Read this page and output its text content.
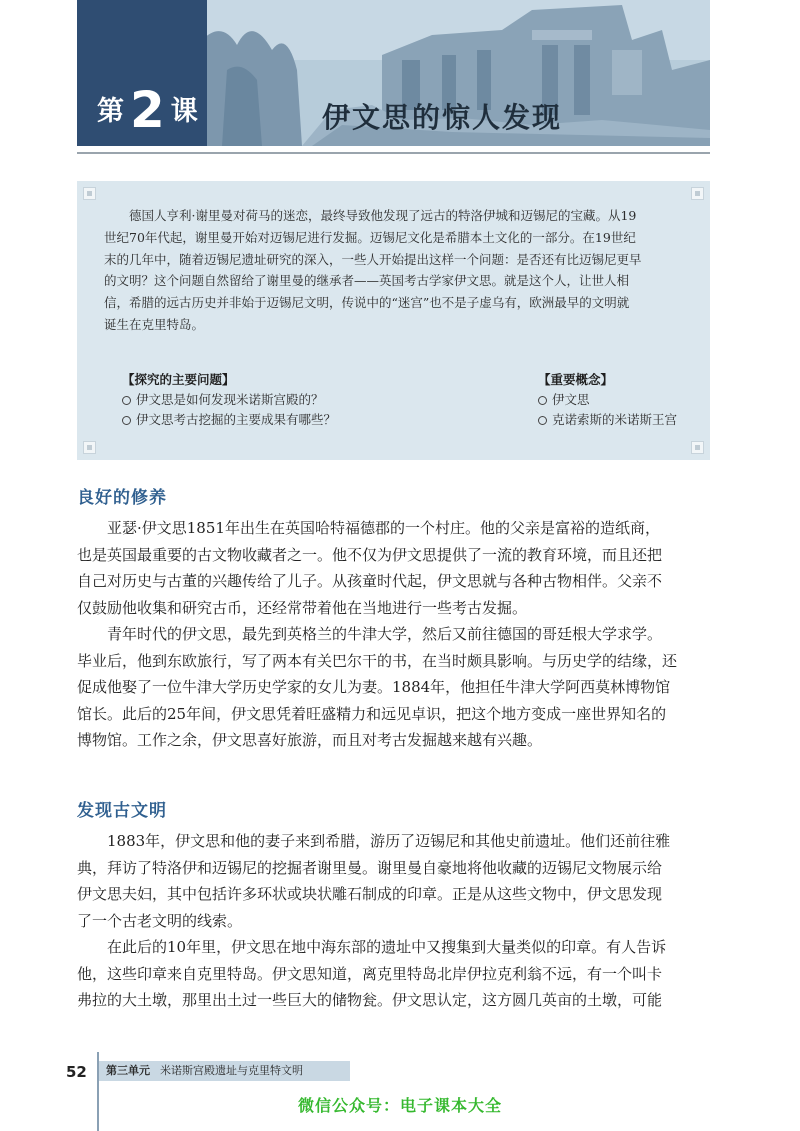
第 2 课	伊文思的惊人发现
德国人亨利·谢里曼对荷马的迷恋，最终导致他发现了远古的特洛伊城和迈锡尼的宝藏。从19
世纪70年代起，谢里曼开始对迈锡尼进行发掘。迈锡尼文化是希腊本土文化的一部分。在19世纪
末的几年中，随着迈锡尼遗址研究的深入，一些人开始提出这样一个问题：是否还有比迈锡尼更早
的文明？这个问题自然留给了谢里曼的继承者——英国考古学家伊文思。就是这个人，让世人相
信，希腊的远古历史并非始于迈锡尼文明，传说中的“迷宫”也不是子虚乌有，欧洲最早的文明就
诞生在克里特岛。
【探究的主要问题】
伊文思是如何发现米诺斯宫殿的？
伊文思考古挖掘的主要成果有哪些？
【重要概念】
伊文思
克诺索斯的米诺斯王宫
良好的修养
亚瑟·伊文思1851年出生在英国哈特福德郡的一个村庄。他的父亲是富裕的造纸商，
也是英国最重要的古文物收藏者之一。他不仅为伊文思提供了一流的教育环境，而且还把
自己对历史与古董的兴趣传给了儿子。从孩童时代起，伊文思就与各种古物相伴。父亲不
仅鼓励他收集和研究古币，还经常带着他在当地进行一些考古发掘。
青年时代的伊文思，最先到英格兰的牛津大学，然后又前往德国的哥廷根大学求学。
毕业后，他到东欧旅行，写了两本有关巴尔干的书，在当时颇具影响。与历史学的结缘，还
促成他娶了一位牛津大学历史学家的女儿为妻。1884年，他担任牛津大学阿西莫林博物馆
馆长。此后的25年间，伊文思凭着旺盛精力和远见卓识，把这个地方变成一座世界知名的
博物馆。工作之余，伊文思喜好旅游，而且对考古发掘越来越有兴趣。
发现古文明
1883年，伊文思和他的妻子来到希腊，游历了迈锡尼和其他史前遗址。他们还前往雅
典，拜访了特洛伊和迈锡尼的挖掘者谢里曼。谢里曼自豪地将他收藏的迈锡尼文物展示给
伊文思夫妇，其中包括许多环状或块状雕石制成的印章。正是从这些文物中，伊文思发现
了一个古老文明的线索。
在此后的10年里，伊文思在地中海东部的遗址中又搜集到大量类似的印章。有人告诉
他，这些印章来自克里特岛。伊文思知道，离克里特岛北岸伊拉克利翁不远，有一个叫卡
弗拉的大土墩，那里出土过一些巨大的储物瓮。伊文思认定，这方圆几英亩的土墩，可能
52	第三单元 米诺斯宫殿遗址与克里特文明
微信公众号：电子课本大全
